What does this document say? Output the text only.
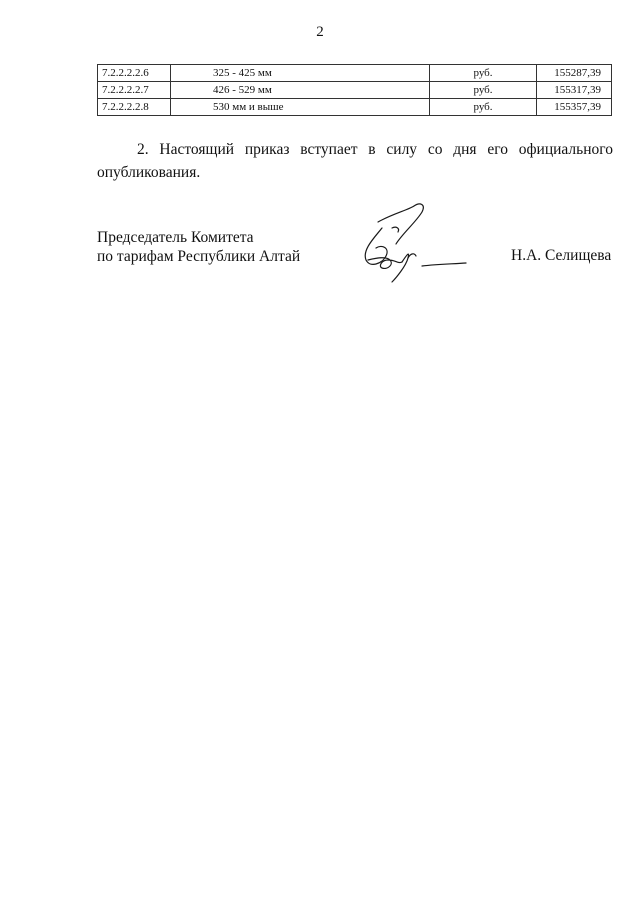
2
7.2.2.2.2.6	325 - 425 мм	руб.	155287,39
7.2.2.2.2.7	426 - 529 мм	руб.	155317,39
7.2.2.2.2.8	530 мм и выше	руб.	155357,39

2. Настоящий приказ вступает в силу со дня его официального опубликования.

Председатель Комитета
по тарифам Республики Алтай	Н.А. Селищева
